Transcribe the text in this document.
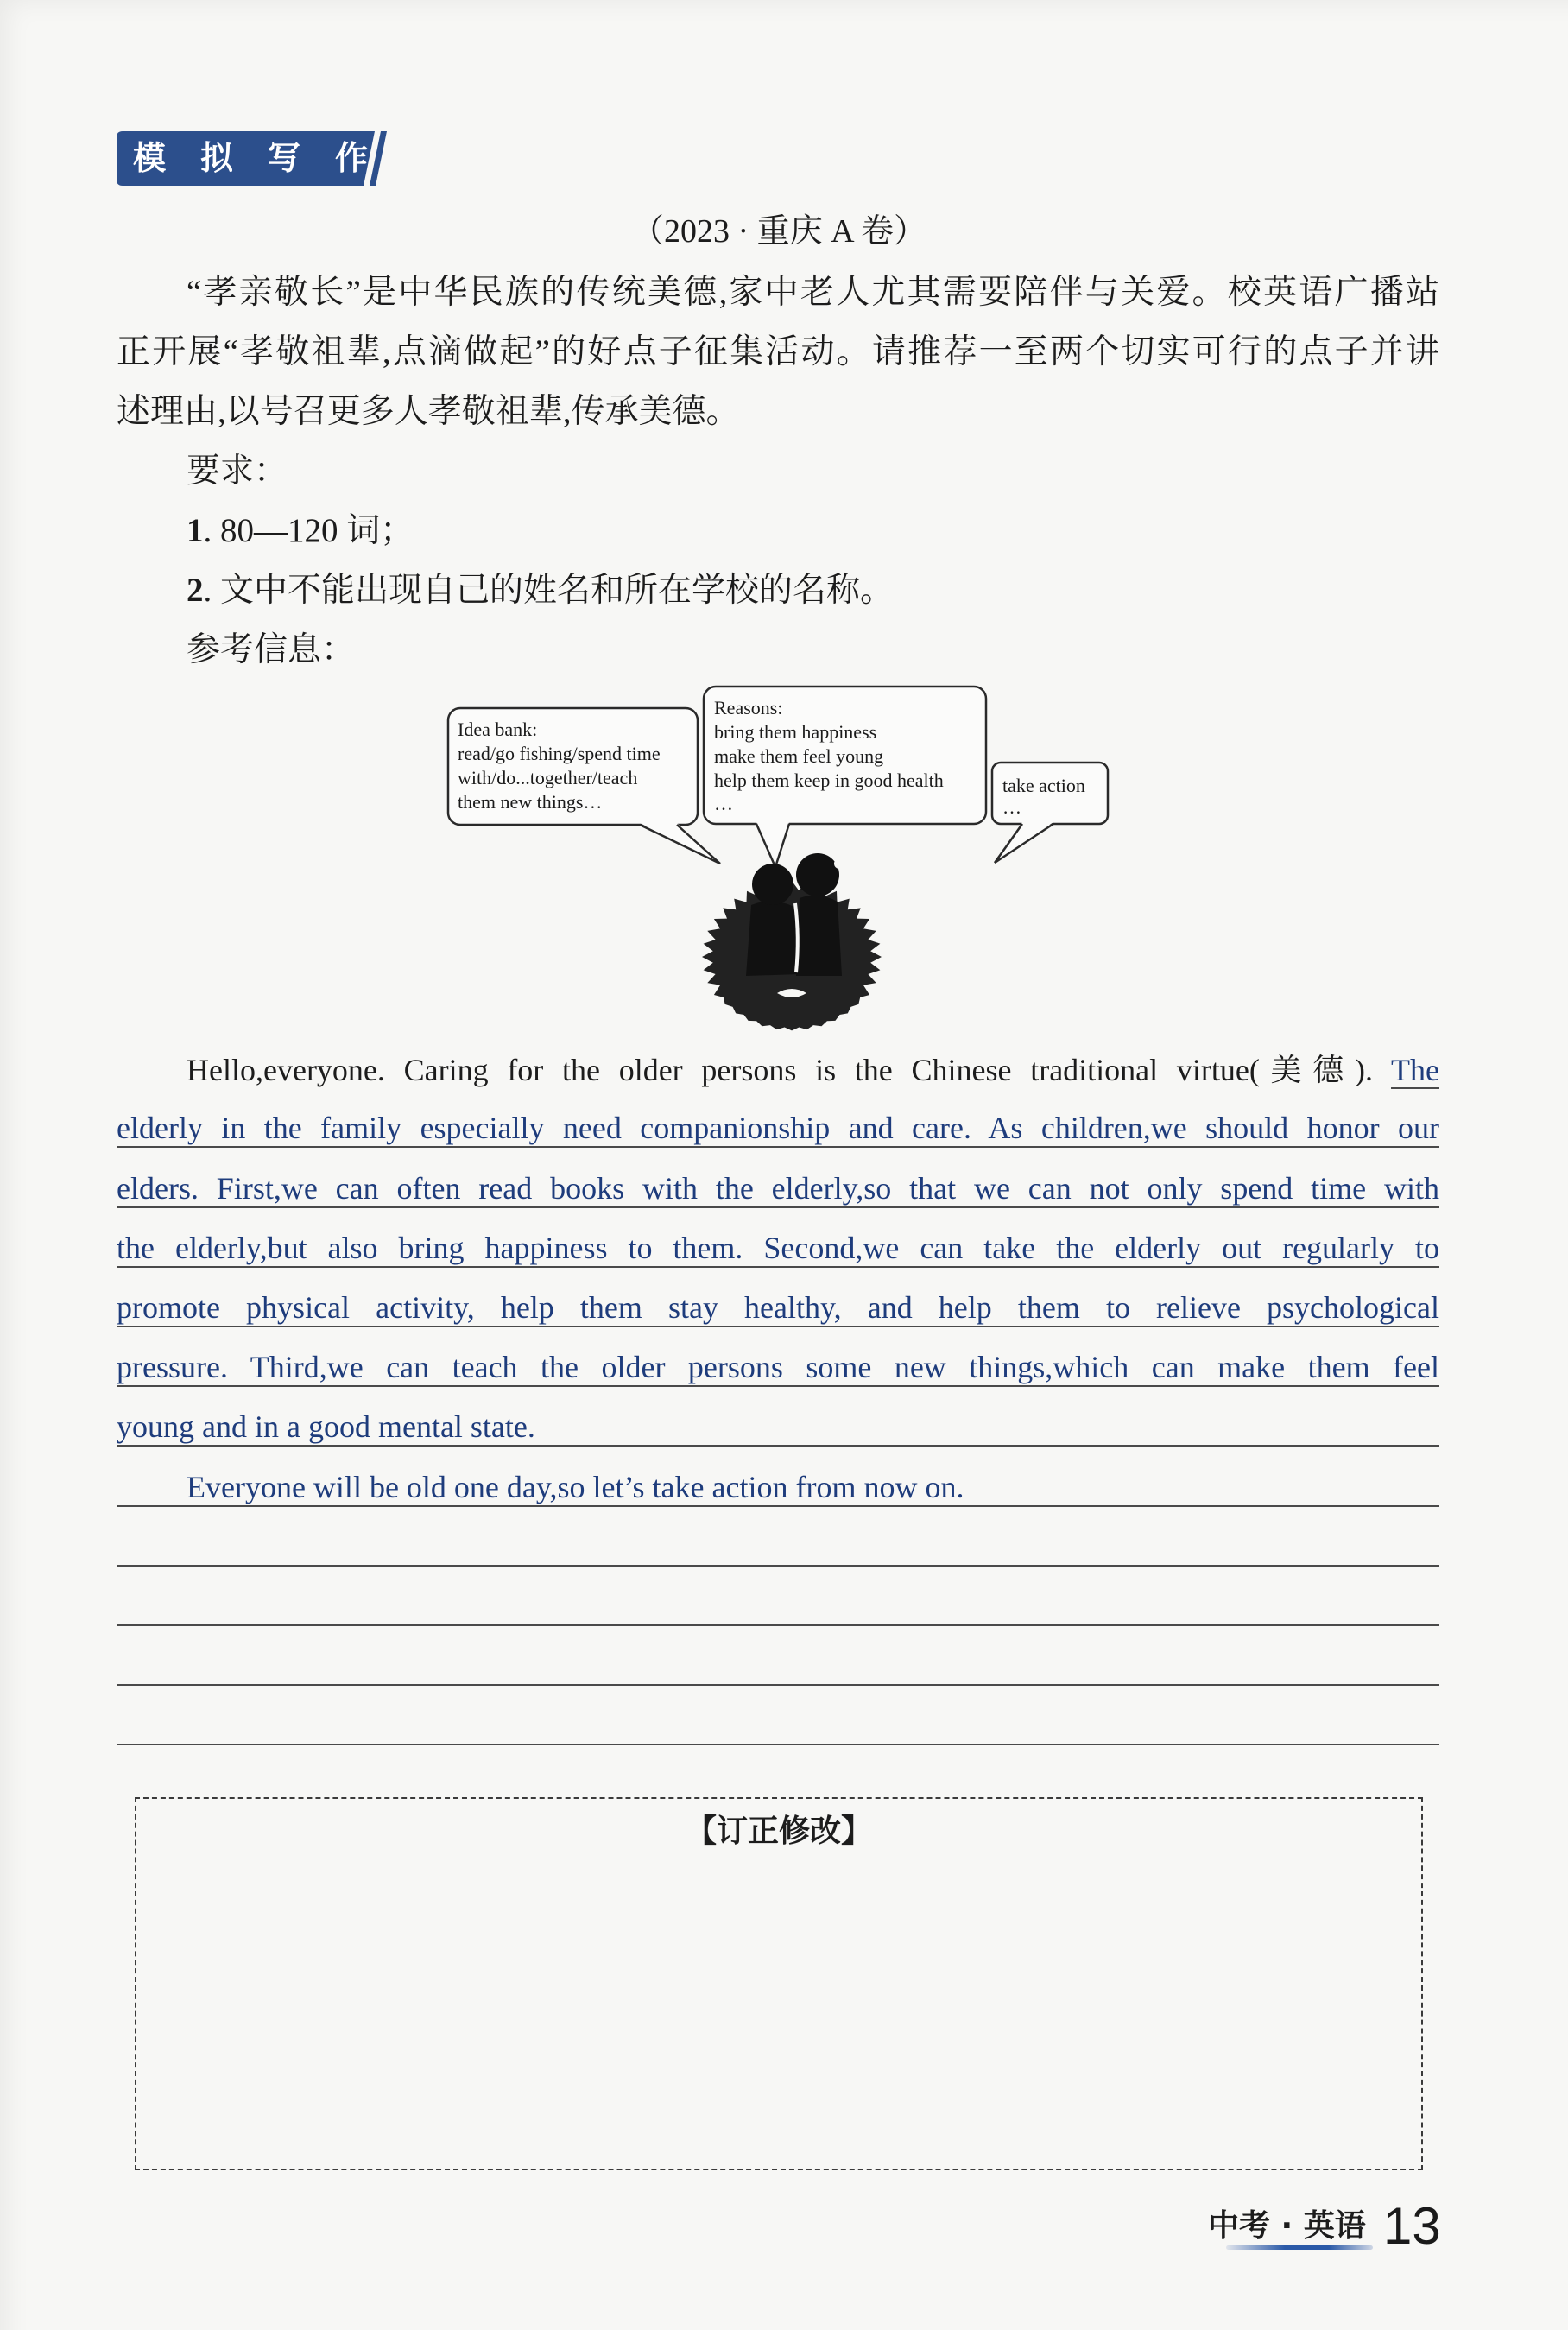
模拟写作
（2023 · 重庆 A 卷）
“孝亲敬长”是中华民族的传统美德,家中老人尤其需要陪伴与关爱。校英语广播站
正开展“孝敬祖辈,点滴做起”的好点子征集活动。请推荐一至两个切实可行的点子并讲
述理由,以号召更多人孝敬祖辈,传承美德。
要求：
1. 80—120 词；
2. 文中不能出现自己的姓名和所在学校的名称。
参考信息：
Idea bank:
read/go fishing/spend time
with/do...together/teach
them new things…
Reasons:
bring them happiness
make them feel young
help them keep in good health
…
take action
…
Hello,everyone. Caring for the older persons is the Chinese traditional virtue(美德). The
elderly in the family especially need companionship and care. As children,we should honor our
elders. First,we can often read books with the elderly,so that we can not only spend time with
the elderly,but also bring happiness to them. Second,we can take the elderly out regularly to
promote physical activity, help them stay healthy, and help them to relieve psychological
pressure. Third,we can teach the older persons some new things,which can make them feel
young and in a good mental state.
Everyone will be old one day,so let’s take action from now on.
【订正修改】
中考 · 英语 13
